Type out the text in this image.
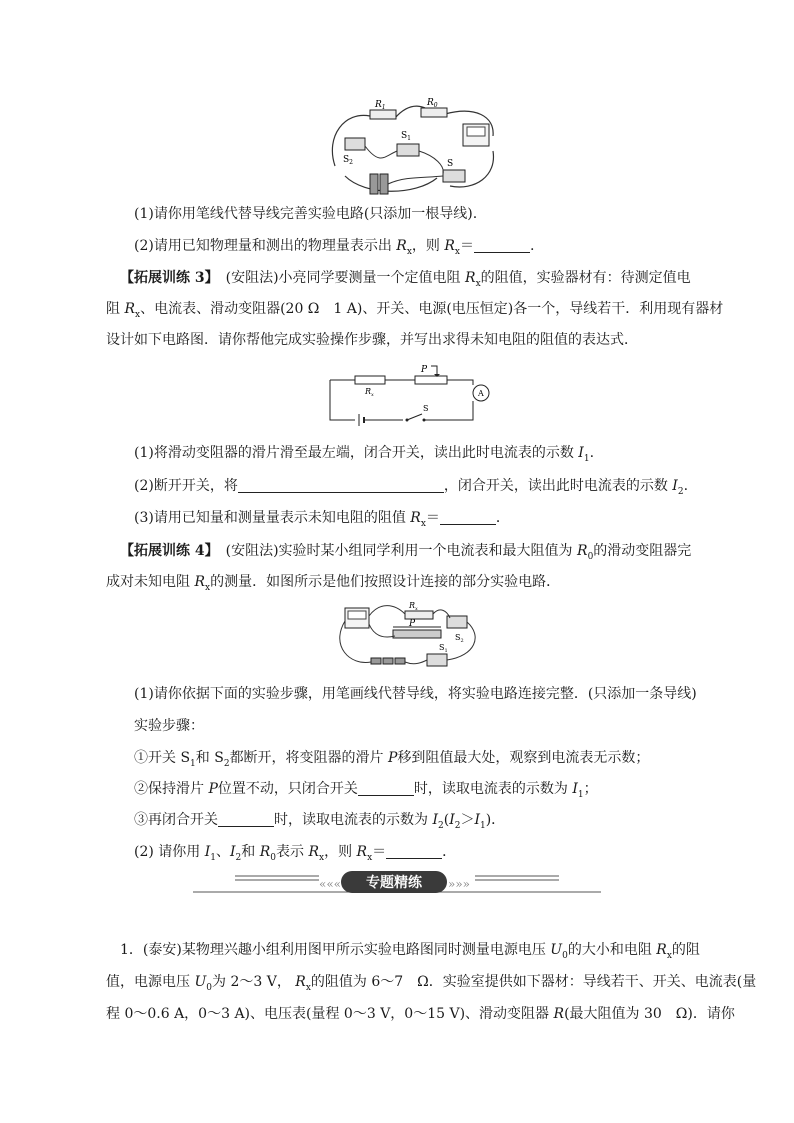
$R_1$	$R_0$
$S_1$
$S_2$	S
(1)请你用笔线代替导线完善实验电路(只添加一根导线).
(2)请用已知物理量和测出的物理量表示出 $R_x$，则 $R_x=$	.
【拓展训练 3】　 (安阻法)小亮同学要测量一个定值电阻 $R_x$的阻值，实验器材有：待测定值电
阻 $R_x$、电流表、滑动变阻器(20 Ω　1 A)、开关、电源(电压恒定)各一个，导线若干．利用现有器材
设计如下电路图．请你帮他完成实验操作步骤，并写出求得未知电阻的阻值的表达式．
P
$R_x$	A
S
(1)将滑动变阻器的滑片滑至最左端，闭合开关，读出此时电流表的示数 $I_1$.
(2)断开开关，将	，闭合开关，读出此时电流表的示数 $I_2$.
(3)请用已知量和测量量表示未知电阻的阻值 $R_x=$	．
【拓展训练 4】　 (安阻法)实验时某小组同学利用一个电流表和最大阻值为 $R_0$的滑动变阻器完
成对未知电阻 $R_x$的测量．如图所示是他们按照设计连接的部分实验电路．
$R_x$
P
$S_2$
$S_1$
(1)请你依据下面的实验步骤，用笔画线代替导线，将实验电路连接完整．(只添加一条导线)
实验步骤：
①开关 $S_1$和 $S_2$都断开，将变阻器的滑片 P移到阻值最大处，观察到电流表无示数；
②保持滑片 P位置不动，只闭合开关	时，读取电流表的示数为 $I_1$；
③再闭合开关	时，读取电流表的示数为 $I_2(I_2>I_1)$．
(2) 请你用 $I_1$、$I_2$和 $R_0$表示 $R_x$，则 $R_x=$	．
«««	»»»
专题精练
1．(泰安)某物理兴趣小组利用图甲所示实验电路图同时测量电源电压 $U_0$的大小和电阻 $R_x$的阻
值，电源电压 $U_0$为 2～3 V， $R_x$的阻值为 6～7　Ω．实验室提供如下器材：导线若干、开关、电流表(量
程 0～0.6 A，0～3 A)、电压表(量程 0～3 V，0～15 V)、滑动变阻器 R(最大阻值为 30　Ω)．请你
